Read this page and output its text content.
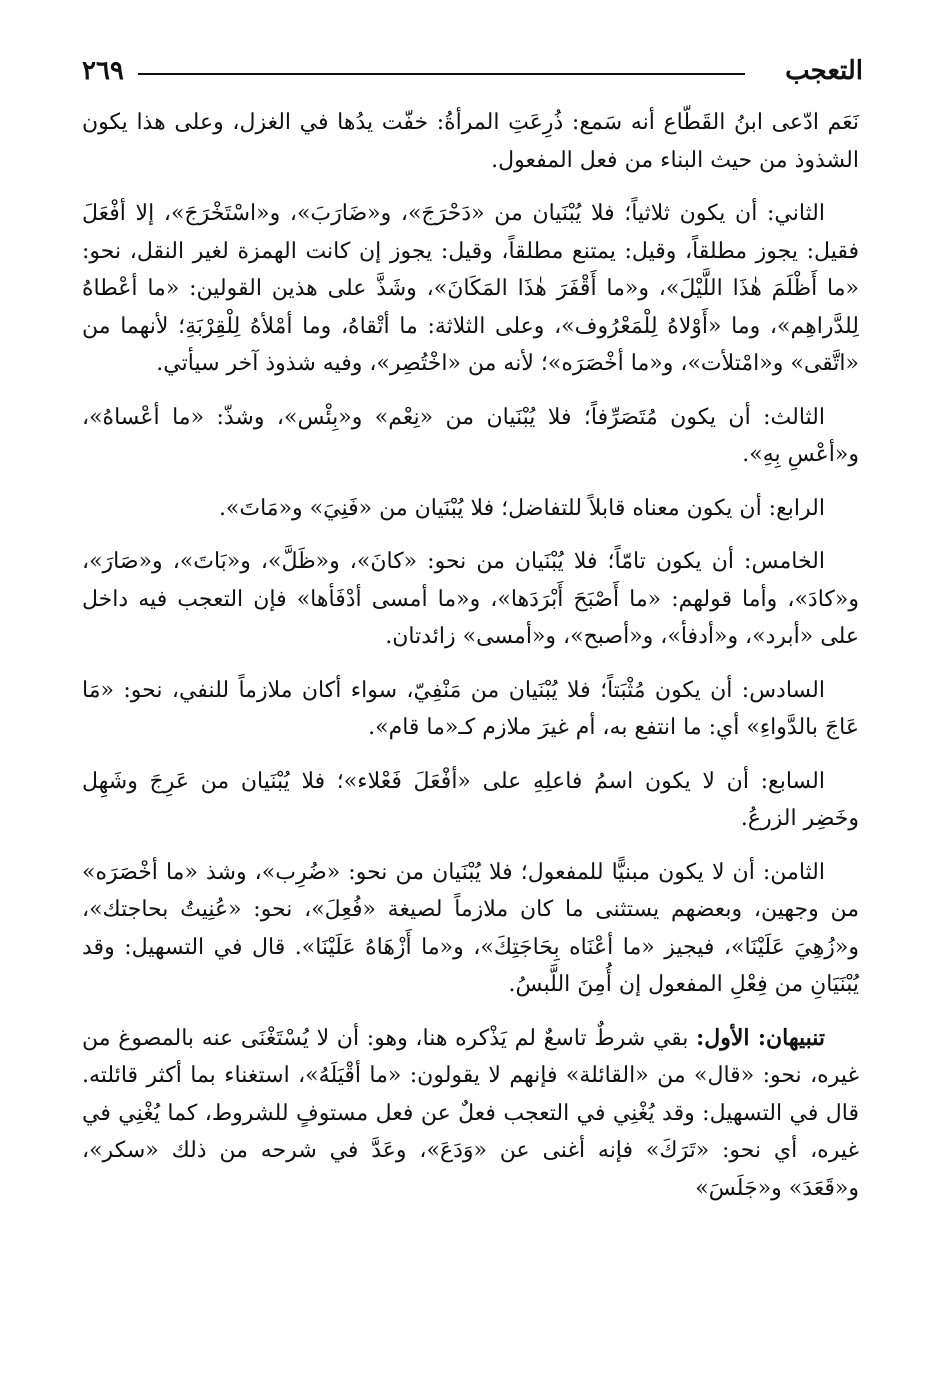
٢٦٩	التعجب

نَعَم ادّعى ابنُ القَطّاع أنه سَمع: ذُرِعَتِ المرأةُ: خفّت يدُها في الغزل، وعلى هذا يكون الشذوذ من حيث البناء من فعل المفعول.

الثاني: أن يكون ثلاثياً؛ فلا يُبْنَيان من «دَحْرَجَ»، و«ضَارَبَ»، و«اسْتَخْرَجَ»، إلا أفْعَلَ فقيل: يجوز مطلقاً، وقيل: يمتنع مطلقاً، وقيل: يجوز إن كانت الهمزة لغير النقل، نحو: «ما أَظْلَمَ هٰذَا اللَّيْلَ»، و«ما أَقْفَرَ هٰذَا المَكَانَ»، وشَذَّ على هذين القولين: «ما أعْطاهُ لِلدَّراهِم»، وما «أَوْلاهُ لِلْمَعْرُوف»، وعلى الثلاثة: ما أتْقاهُ، وما أمْلأهُ لِلْقِرْبَةِ؛ لأنهما من «اتَّقى» و«امْتلأت»، و«ما أخْصَرَه»؛ لأنه من «اخْتُصِر»، وفيه شذوذ آخر سيأتي.

الثالث: أن يكون مُتَصَرِّفاً؛ فلا يُبْنَيان من «نِعْم» و«بِئْس»، وشذّ: «ما أعْساهُ»، و«أعْسِ بِهِ».

الرابع: أن يكون معناه قابلاً للتفاضل؛ فلا يُبْنَيان من «فَنِيَ» و«مَاتَ».

الخامس: أن يكون تامّاً؛ فلا يُبْنَيان من نحو: «كانَ»، و«ظَلَّ»، و«بَاتَ»، و«صَارَ»، و«كادَ»، وأما قولهم: «ما أَصْبَحَ أَبْرَدَها»، و«ما أمسى أدْفَأها» فإن التعجب فيه داخل على «أبرد»، و«أدفأ»، و«أصبح»، و«أمسى» زائدتان.

السادس: أن يكون مُثْبَتاً؛ فلا يُبْنَيان من مَنْفِيّ، سواء أكان ملازماً للنفي، نحو: «مَا عَاجَ بالدَّواءِ» أي: ما انتفع به، أم غيرَ ملازم كـ«ما قام».

السابع: أن لا يكون اسمُ فاعلِهِ على «أفْعَلَ فَعْلاء»؛ فلا يُبْنَيان من عَرِجَ وشَهِل وخَضِر الزرعُ.

الثامن: أن لا يكون مبنيًّا للمفعول؛ فلا يُبْنَيان من نحو: «ضُرِب»، وشذ «ما أخْصَرَه» من وجهين، وبعضهم يستثنى ما كان ملازماً لصيغة «فُعِلَ»، نحو: «عُنِيتُ بحاجتك»، و«زُهِيَ عَلَيْنَا»، فيجيز «ما أعْنَاه بِحَاجَتِكَ»، و«ما أَزْهَاهُ عَلَيْنَا». قال في التسهيل: وقد يُبْنَيَانِ من فِعْلِ المفعول إن أُمِنَ اللَّبسُ.

تنبيهان: الأول: بقي شرطٌ تاسعٌ لم يَذْكره هنا، وهو: أن لا يُسْتَغْنَى عنه بالمصوغ من غيره، نحو: «قال» من «القائلة» فإنهم لا يقولون: «ما أقْيَلَهُ»، استغناء بما أكثر قائلته. قال في التسهيل: وقد يُغْنِي في التعجب فعلٌ عن فعل مستوفٍ للشروط، كما يُغْنِي في غيره، أي نحو: «تَرَكَ» فإنه أغنى عن «وَدَعَ»، وعَدَّ في شرحه من ذلك «سكر»، و«قَعَدَ» و«جَلَسَ»
